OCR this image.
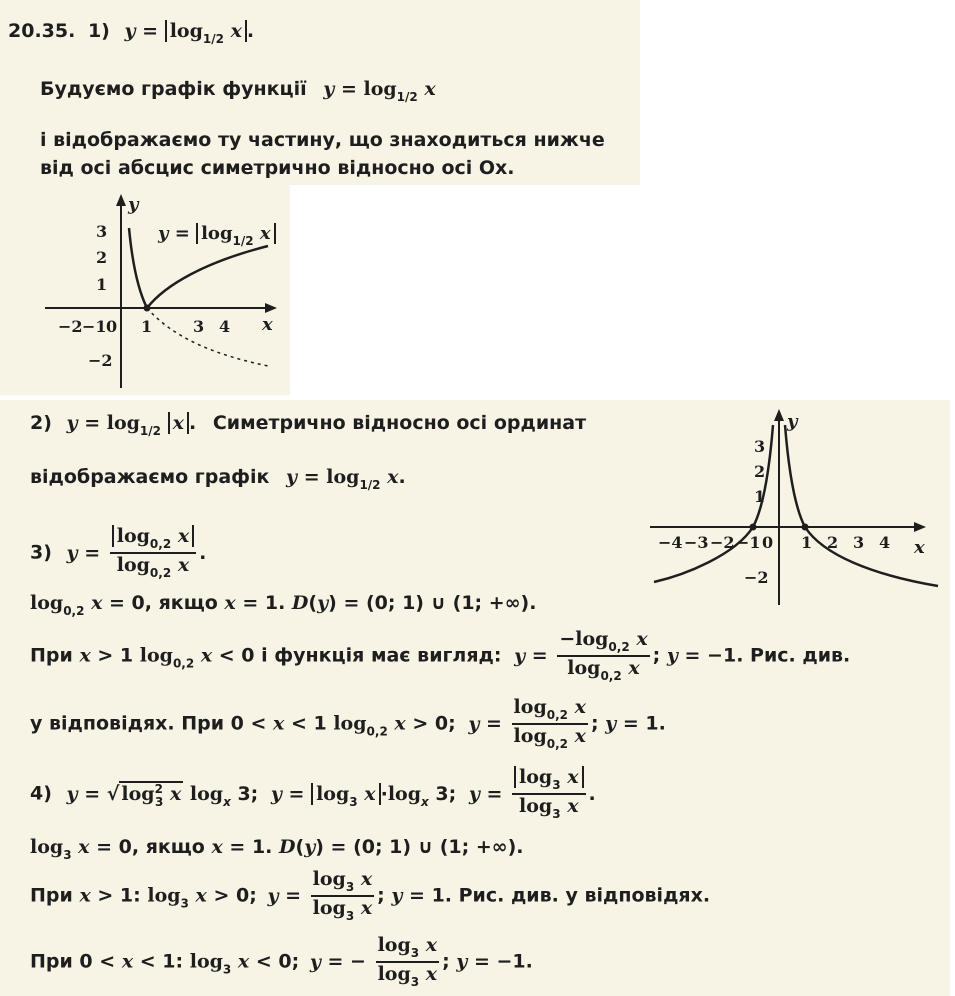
20.35. 1) $y = \log_{1/2} x$ .
Будуємо графік функції $y = \log_{1/2} x$
і відображаємо ту частину, що знаходиться нижче
від осі абсцис симетрично відносно осі Ox.
y
x
3
2
1
−2
−2 −1 0 1	3 4
$y = \log_{1/2} x$
2) $y = \log_{1/2} x$ . Симетрично відносно осі ординат
відображаємо графік $y = \log_{1/2} x$.
y
x
3
2
1
−2
−4 −3 −2 −1 0 1 2 3 4
3) $y = \frac{\log_{0,2} x}{\log_{0,2} x}$ .
$\log_{0,2} x = 0$, якщо x = 1. D(y) = (0; 1) ∪ (1; +∞).
При x > 1 $\log_{0,2} x < 0$ і функція має вигляд: $y = \frac{-\log_{0,2} x}{\log_{0,2} x}$ ; y = −1. Рис. див.
у відповідях. При 0 < x < 1 $\log_{0,2} x > 0$; $y = \frac{\log_{0,2} x}{\log_{0,2} x}$ ; y = 1.
4) y = √ $\log^2_3 x$ $\log_x 3$; $y = \log_3 x \cdot\log_x$ 3; $y = \frac{\log_3 x}{\log_3 x}$ .
$\log_3 x = 0$, якщо x = 1. D(y) = (0; 1) ∪ (1; +∞).
При x > 1: $\log_3 x > 0$; $y = \frac{\log_3 x}{\log_3 x}$ ; y = 1. Рис. див. у відповідях.
При 0 < x < 1: $\log_3 x < 0$; y = − $\frac{\log_3 x}{\log_3 x}$ ; y = −1.
